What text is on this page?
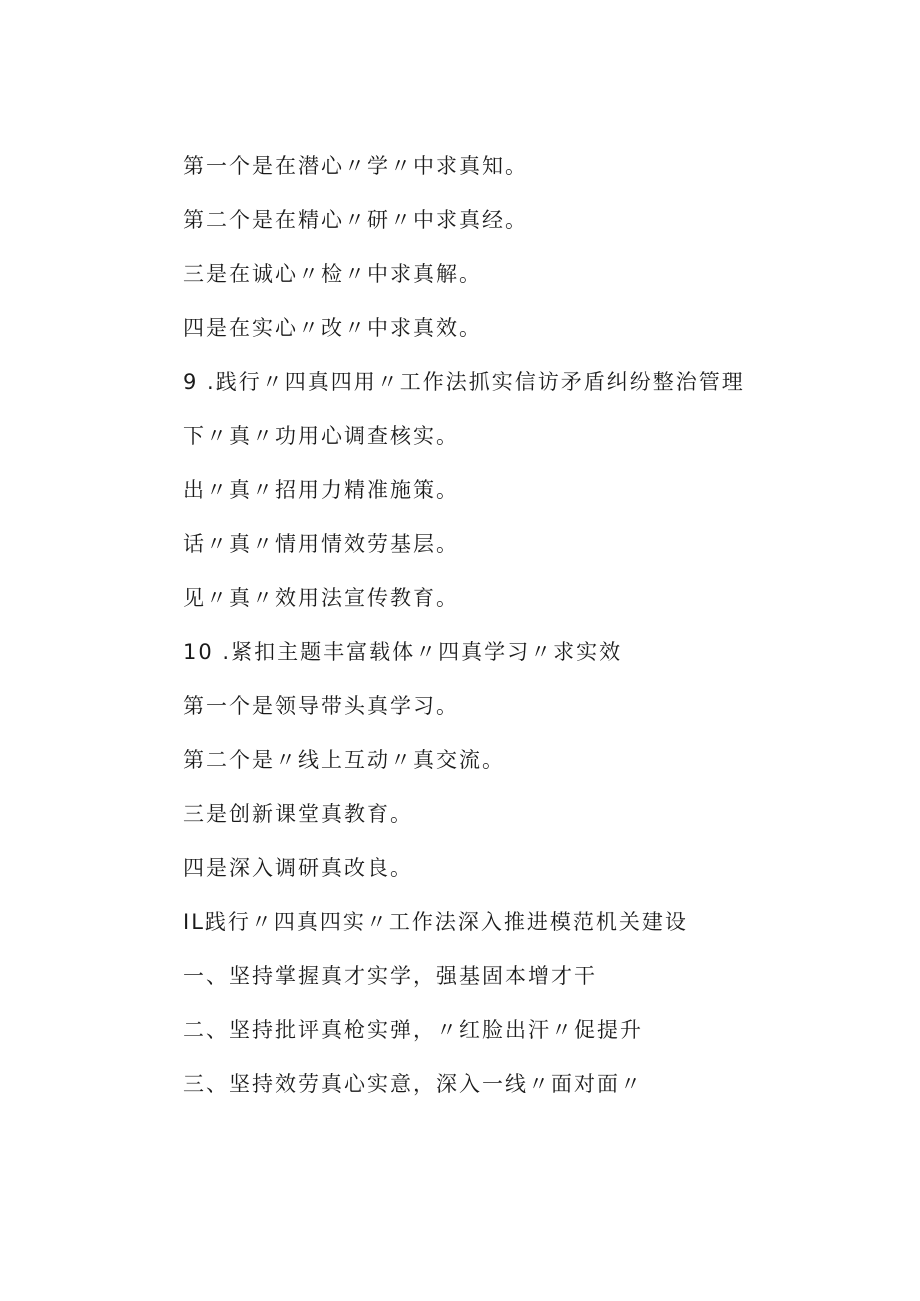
第一个是在潜心〃学〃中求真知。
第二个是在精心〃研〃中求真经。
三是在诚心〃检〃中求真解。
四是在实心〃改〃中求真效。
9 .践行〃四真四用〃工作法抓实信访矛盾纠纷整治管理
下〃真〃功用心调查核实。
出〃真〃招用力精准施策。
话〃真〃情用情效劳基层。
见〃真〃效用法宣传教育。
10 .紧扣主题丰富载体〃四真学习〃求实效
第一个是领导带头真学习。
第二个是〃线上互动〃真交流。
三是创新课堂真教育。
四是深入调研真改良。
IL践行〃四真四实〃工作法深入推进模范机关建设
一、坚持掌握真才实学，强基固本增才干
二、坚持批评真枪实弹，〃红脸出汗〃促提升
三、坚持效劳真心实意，深入一线〃面对面〃
